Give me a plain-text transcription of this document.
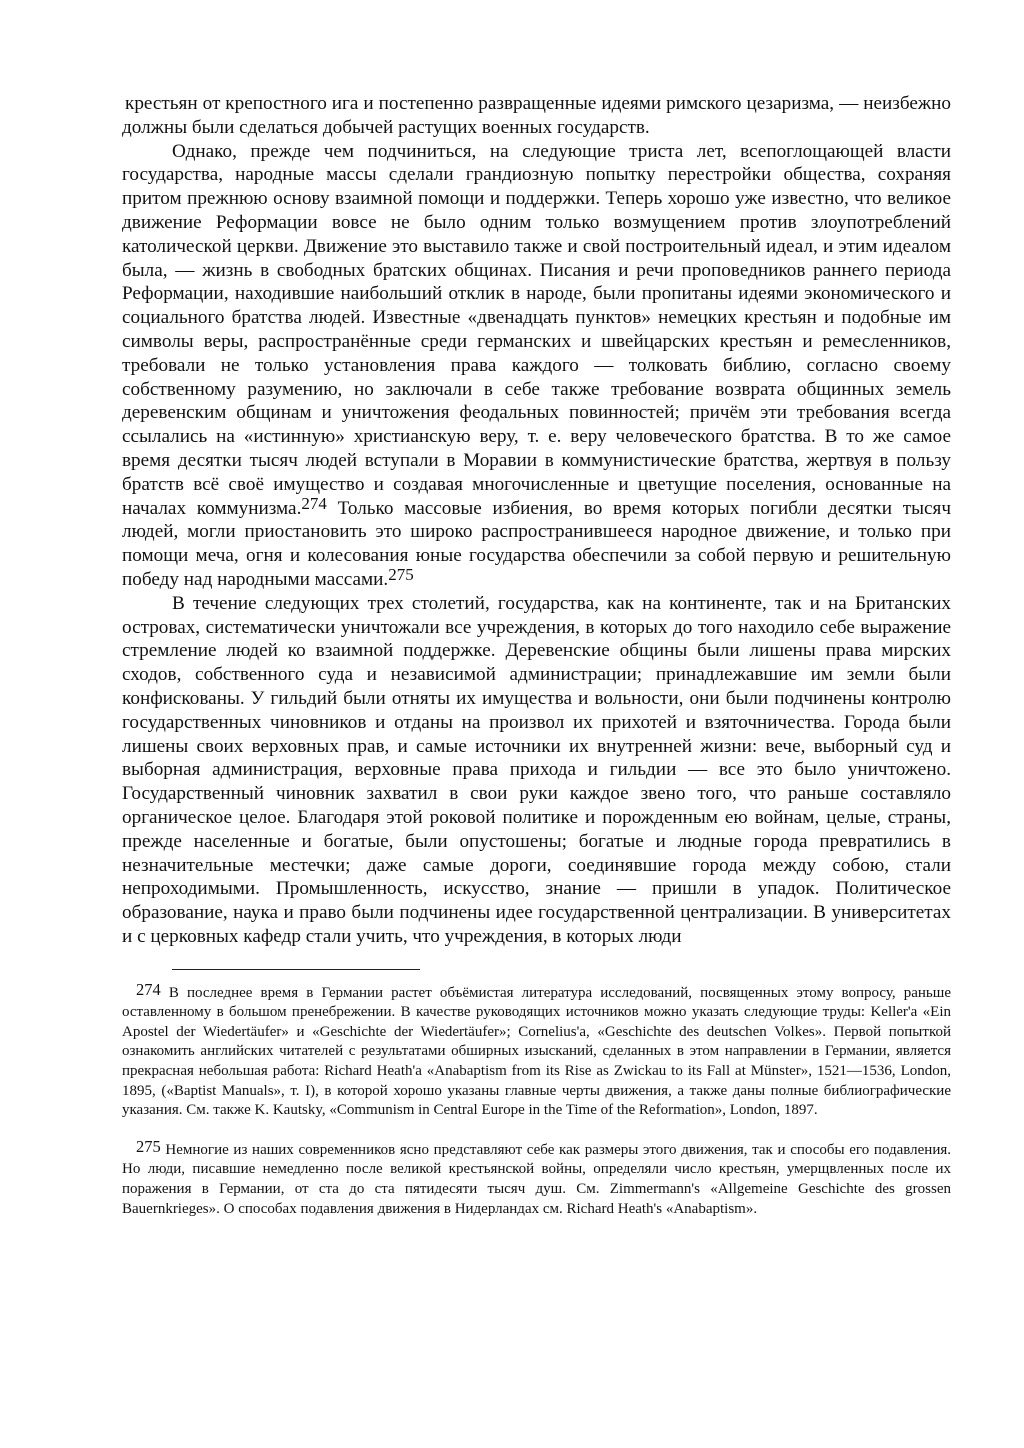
крестьян от крепостного ига и постепенно развращенные идеями римского цезаризма, — неизбежно должны были сделаться добычей растущих военных государств.

Однако, прежде чем подчиниться, на следующие триста лет, всепоглощающей власти государства, народные массы сделали грандиозную попытку перестройки общества, сохраняя притом прежнюю основу взаимной помощи и поддержки. Теперь хорошо уже известно, что великое движение Реформации вовсе не было одним только возмущением против злоупотреблений католической церкви. Движение это выставило также и свой построительный идеал, и этим идеалом была, — жизнь в свободных братских общинах. Писания и речи проповедников раннего периода Реформации, находившие наибольший отклик в народе, были пропитаны идеями экономического и социального братства людей. Известные «двенадцать пунктов» немецких крестьян и подобные им символы веры, распространённые среди германских и швейцарских крестьян и ремесленников, требовали не только установления права каждого — толковать библию, согласно своему собственному разумению, но заключали в себе также требование возврата общинных земель деревенским общинам и уничтожения феодальных повинностей; причём эти требования всегда ссылались на «истинную» христианскую веру, т. е. веру человеческого братства. В то же самое время десятки тысяч людей вступали в Моравии в коммунистические братства, жертвуя в пользу братств всё своё имущество и создавая многочисленные и цветущие поселения, основанные на началах коммунизма.$^{274}$ Только массовые избиения, во время которых погибли десятки тысяч людей, могли приостановить это широко распространившееся народное движение, и только при помощи меча, огня и колесования юные государства обеспечили за собой первую и решительную победу над народными массами.$^{275}$

В течение следующих трех столетий, государства, как на континенте, так и на Британских островах, систематически уничтожали все учреждения, в которых до того находило себе выражение стремление людей ко взаимной поддержке. Деревенские общины были лишены права мирских сходов, собственного суда и независимой администрации; принадлежавшие им земли были конфискованы. У гильдий были отняты их имущества и вольности, они были подчинены контролю государственных чиновников и отданы на произвол их прихотей и взяточничества. Города были лишены своих верховных прав, и самые источники их внутренней жизни: вече, выборный суд и выборная администрация, верховные права прихода и гильдии — все это было уничтожено. Государственный чиновник захватил в свои руки каждое звено того, что раньше составляло органическое целое. Благодаря этой роковой политике и порожденным ею войнам, целые, страны, прежде населенные и богатые, были опустошены; богатые и людные города превратились в незначительные местечки; даже самые дороги, соединявшие города между собою, стали непроходимыми. Промышленность, искусство, знание — пришли в упадок. Политическое образование, наука и право были подчинены идее государственной централизации. В университетах и с церковных кафедр стали учить, что учреждения, в которых люди

274 В последнее время в Германии растет объёмистая литература исследований, посвященных этому вопросу, раньше оставленному в большом пренебрежении. В качестве руководящих источников можно указать следующие труды: Keller'a «Ein Apostel der Wiedertäufer» и «Geschichte der Wiedertäufer»; Cornelius'a, «Geschichte des deutschen Volkes». Первой попыткой ознакомить английских читателей с результатами обширных изысканий, сделанных в этом направлении в Германии, является прекрасная небольшая работа: Richard Heath'a «Anabaptism from its Rise as Zwickau to its Fall at Münster», 1521—1536, London, 1895, («Baptist Manuals», т. I), в которой хорошо указаны главные черты движения, а также даны полные библиографические указания. См. также K. Kautsky, «Communism in Central Europe in the Time of the Reformation», London, 1897.

275 Немногие из наших современников ясно представляют себе как размеры этого движения, так и способы его подавления. Но люди, писавшие немедленно после великой крестьянской войны, определяли число крестьян, умерщвленных после их поражения в Германии, от ста до ста пятидесяти тысяч душ. См. Zimmermann's «Allgemeine Geschichte des grossen Bauernkrieges». О способах подавления движения в Нидерландах см. Richard Heath's «Anabaptism».
